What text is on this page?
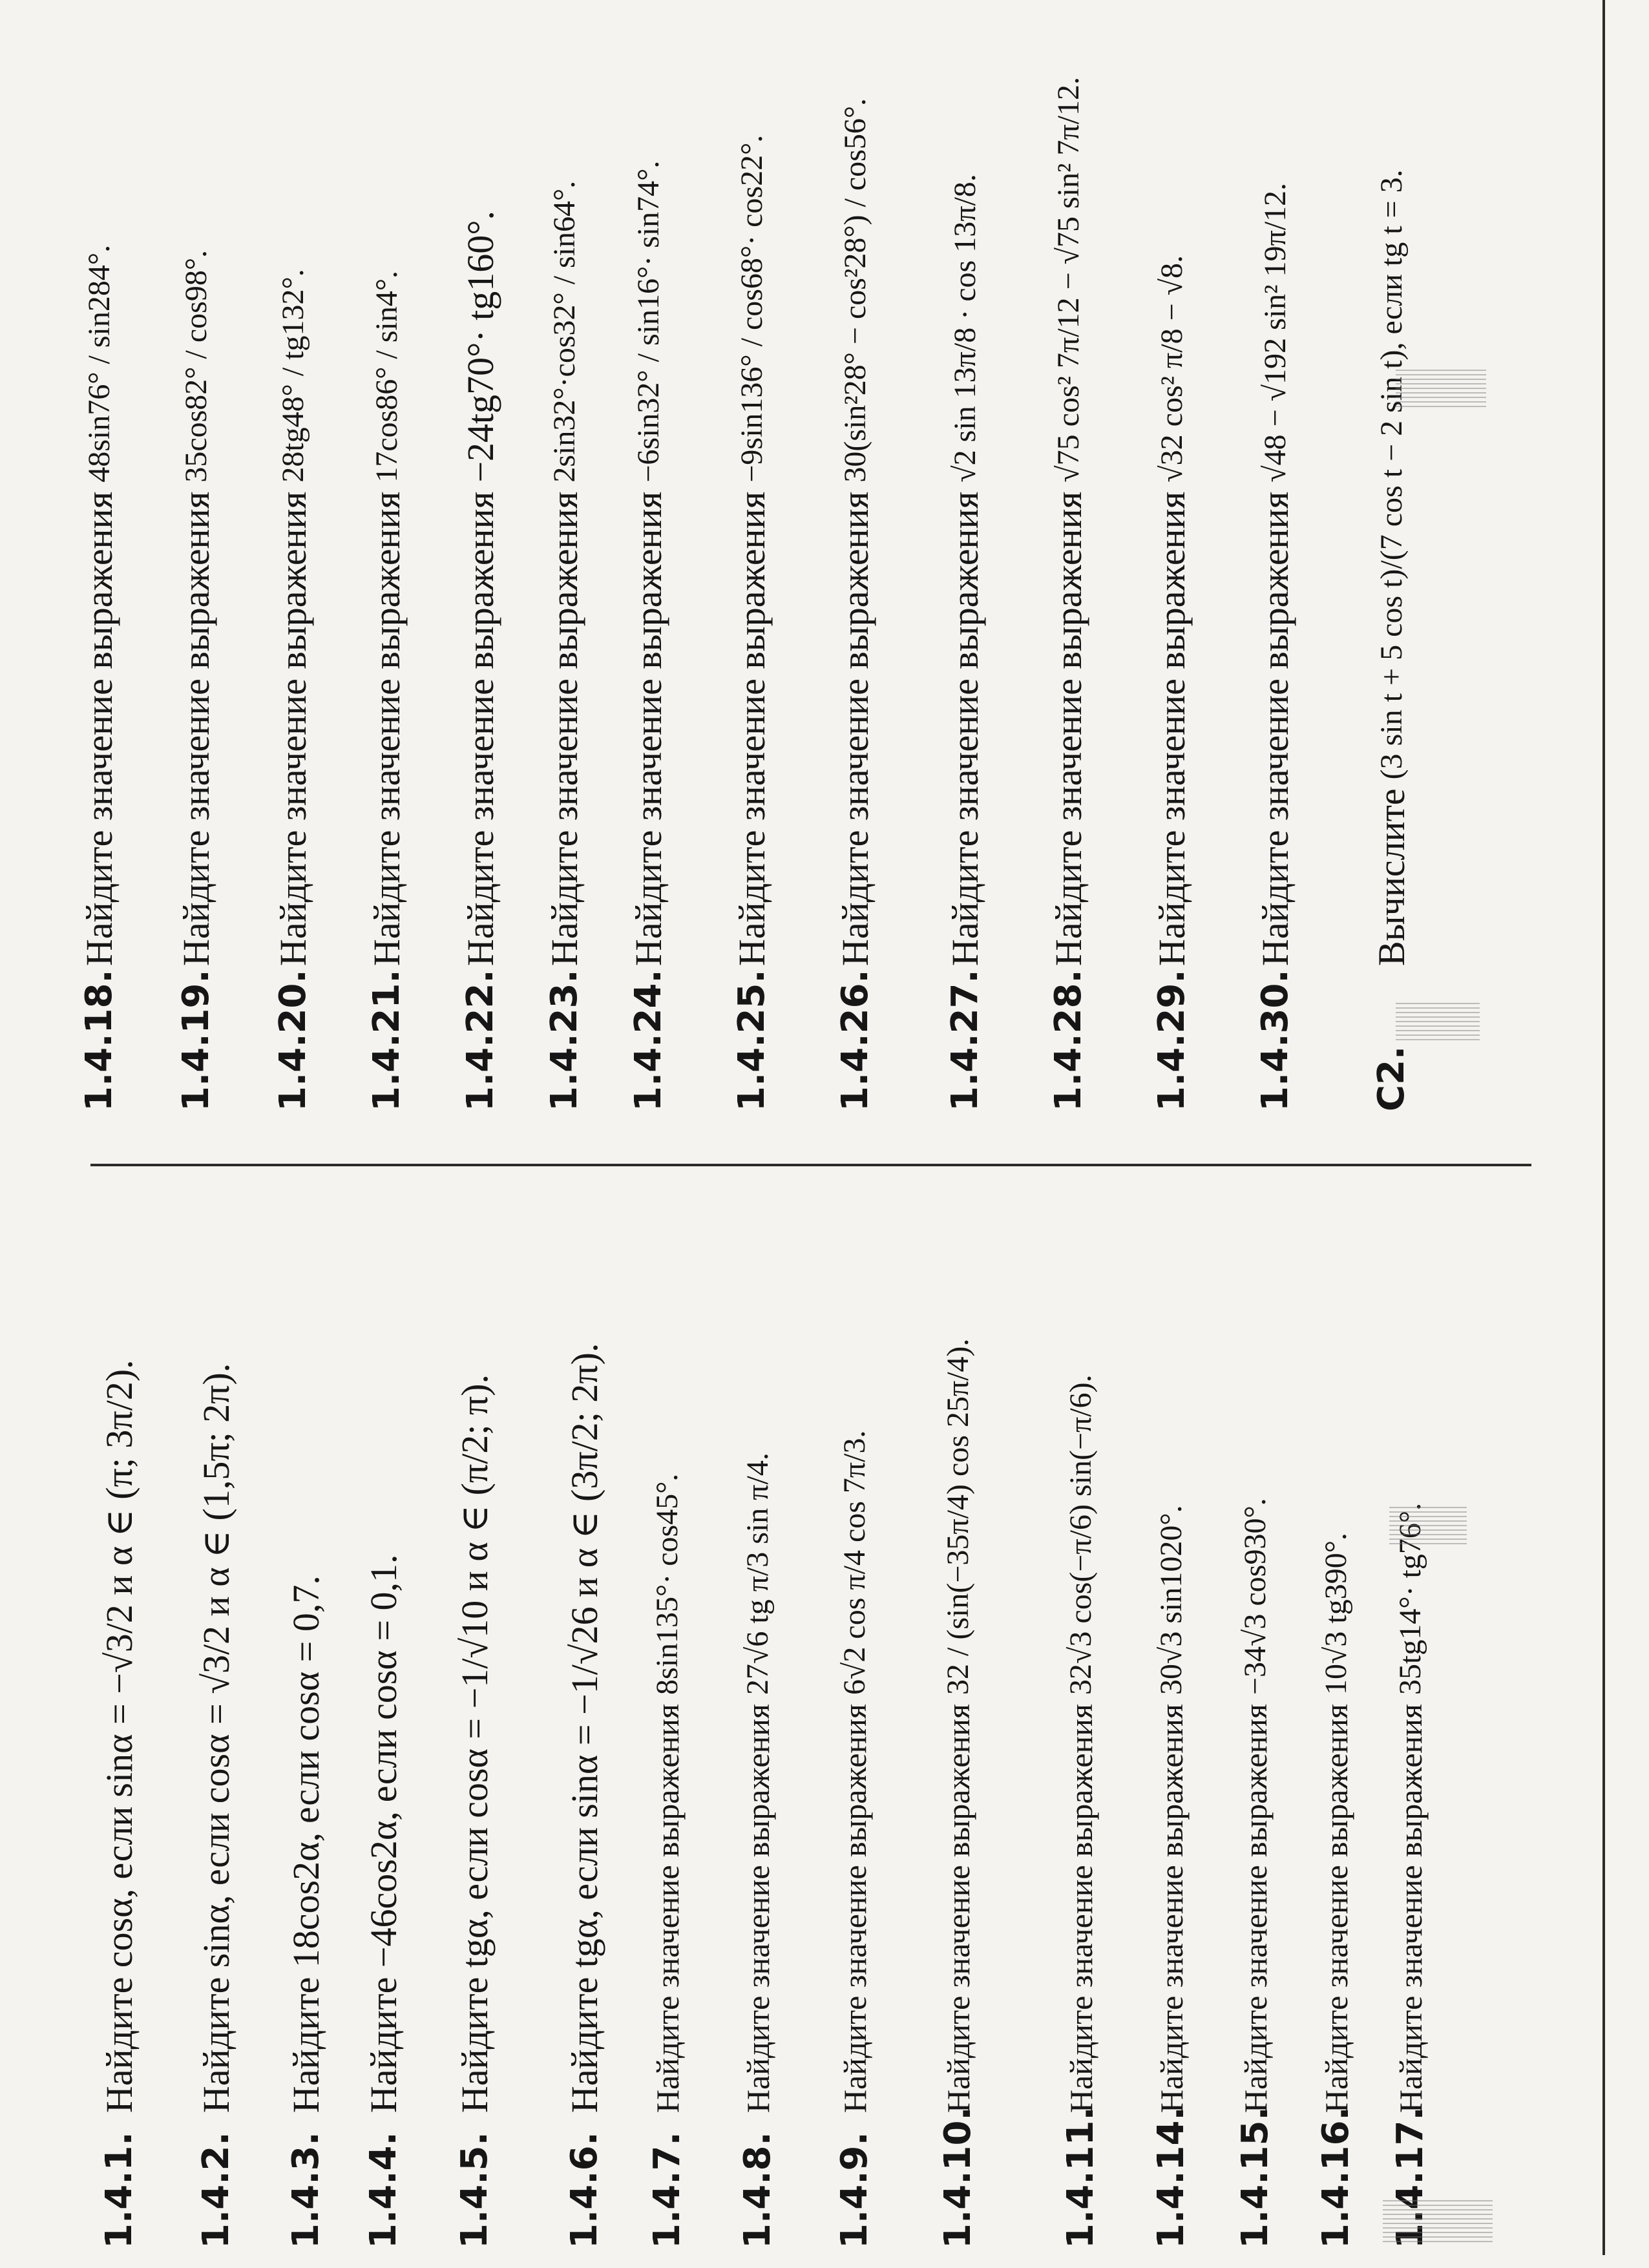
1.4.1.
Найдите cosα, если
sinα = −√3/2 и α ∈ (π; 3π/2).
1.4.2.
Найдите sinα, если
cosα = √3/2 и α ∈ (1,5π; 2π).
1.4.3.
Найдите 18cos2α,
если cosα = 0,7.
1.4.4.
Найдите −46cos2α,
если cosα = 0,1.
1.4.5.
Найдите tgα, если
cosα = −1/√10 и α ∈ (π/2; π).
1.4.6.
Найдите tgα, если
sinα = −1/√26 и α ∈ (3π/2; 2π).
1.4.7.
Найдите значение выражения
8sin135°· cos45°.
1.4.8.
Найдите значение выражения
27√6 tg π/3 sin π/4.
1.4.9.
Найдите значение выражения
6√2 cos π/4 cos 7π/3.
1.4.10.
Найдите значение выражения
32 / (sin(−35π/4) cos 25π/4).
1.4.11.
Найдите значение выражения
32√3 cos(−π/6) sin(−π/6).
1.4.14.
Найдите значение выражения
30√3 sin1020°.
1.4.15.
Найдите значение выражения
−34√3 cos930°.
1.4.16.
Найдите значение выражения
10√3 tg390°.
1.4.17.
Найдите значение выражения
35tg14°· tg76°.
1.4.18.
Найдите значение выражения
48sin76° / sin284°.
1.4.19.
Найдите значение выражения
35cos82° / cos98°.
1.4.20.
Найдите значение выражения
28tg48° / tg132°.
1.4.21.
Найдите значение выражения
17cos86° / sin4°.
1.4.22.
Найдите значение выражения
−24tg70°· tg160°.
1.4.23.
Найдите значение выражения
2sin32°·cos32° / sin64°.
1.4.24.
Найдите значение выражения
−6sin32° / sin16°· sin74°.
1.4.25.
Найдите значение выражения
−9sin136° / cos68°· cos22°.
1.4.26.
Найдите значение выражения
30(sin²28° − cos²28°) / cos56°.
1.4.27.
Найдите значение выражения
√2 sin 13π/8 · cos 13π/8.
1.4.28.
Найдите значение выражения
√75 cos² 7π/12 − √75 sin² 7π/12.
1.4.29.
Найдите значение выражения
√32 cos² π/8 − √8.
1.4.30.
Найдите значение выражения
√48 − √192 sin² 19π/12.
C2.
Вычислите
(3 sin t + 5 cos t)/(7 cos t − 2 sin t), если tg t = 3.
